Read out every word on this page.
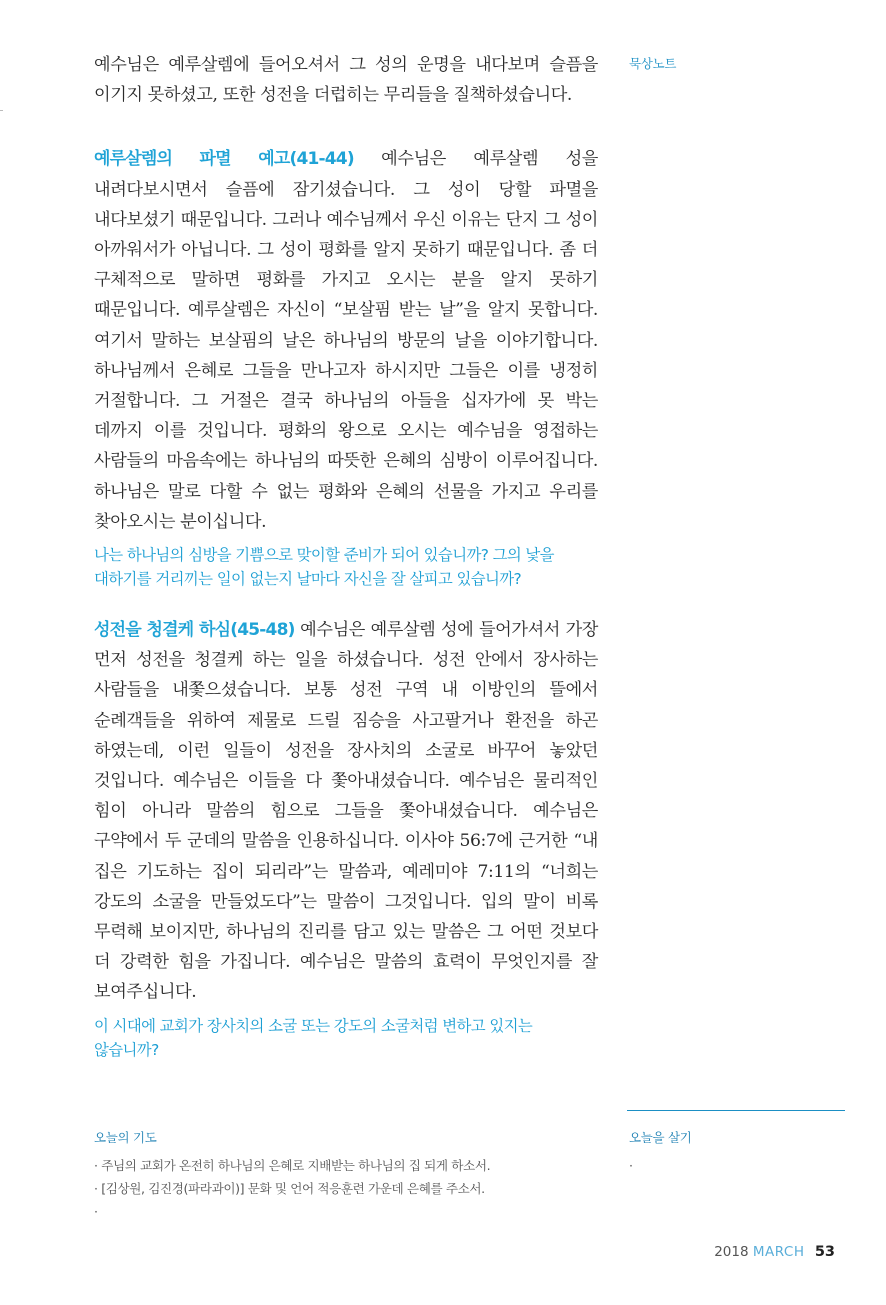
예수님은 예루살렘에 들어오셔서 그 성의 운명을 내다보며 슬픔을 이기지 못하셨고, 또한 성전을 더럽히는 무리들을 질책하셨습니다.

예루살렘의 파멸 예고(41-44) 예수님은 예루살렘 성을 내려다보시면서 슬픔에 잠기셨습니다. 그 성이 당할 파멸을 내다보셨기 때문입니다. 그러나 예수님께서 우신 이유는 단지 그 성이 아까워서가 아닙니다. 그 성이 평화를 알지 못하기 때문입니다. 좀 더 구체적으로 말하면 평화를 가지고 오시는 분을 알지 못하기 때문입니다. 예루살렘은 자신이 “보살핌 받는 날”을 알지 못합니다. 여기서 말하는 보살핌의 날은 하나님의 방문의 날을 이야기합니다. 하나님께서 은혜로 그들을 만나고자 하시지만 그들은 이를 냉정히 거절합니다. 그 거절은 결국 하나님의 아들을 십자가에 못 박는 데까지 이를 것입니다. 평화의 왕으로 오시는 예수님을 영접하는 사람들의 마음속에는 하나님의 따뜻한 은혜의 심방이 이루어집니다. 하나님은 말로 다할 수 없는 평화와 은혜의 선물을 가지고 우리를 찾아오시는 분이십니다.

나는 하나님의 심방을 기쁨으로 맞이할 준비가 되어 있습니까? 그의 낯을 대하기를 거리끼는 일이 없는지 날마다 자신을 잘 살피고 있습니까?

성전을 청결케 하심(45-48) 예수님은 예루살렘 성에 들어가셔서 가장 먼저 성전을 청결케 하는 일을 하셨습니다. 성전 안에서 장사하는 사람들을 내쫓으셨습니다. 보통 성전 구역 내 이방인의 뜰에서 순례객들을 위하여 제물로 드릴 짐승을 사고팔거나 환전을 하곤 하였는데, 이런 일들이 성전을 장사치의 소굴로 바꾸어 놓았던 것입니다. 예수님은 이들을 다 쫓아내셨습니다. 예수님은 물리적인 힘이 아니라 말씀의 힘으로 그들을 쫓아내셨습니다. 예수님은 구약에서 두 군데의 말씀을 인용하십니다. 이사야 56:7에 근거한 “내 집은 기도하는 집이 되리라”는 말씀과, 예레미야 7:11의 “너희는 강도의 소굴을 만들었도다”는 말씀이 그것입니다. 입의 말이 비록 무력해 보이지만, 하나님의 진리를 담고 있는 말씀은 그 어떤 것보다 더 강력한 힘을 가집니다. 예수님은 말씀의 효력이 무엇인지를 잘 보여주십니다.

이 시대에 교회가 장사치의 소굴 또는 강도의 소굴처럼 변하고 있지는 않습니까?

묵상노트
오늘의 기도
· 주님의 교회가 온전히 하나님의 은혜로 지배받는 하나님의 집 되게 하소서.
· [김상원, 김진경(파라과이)] 문화 및 언어 적응훈련 가운데 은혜를 주소서.
·
오늘을 살기
·
2018 MARCH 53
